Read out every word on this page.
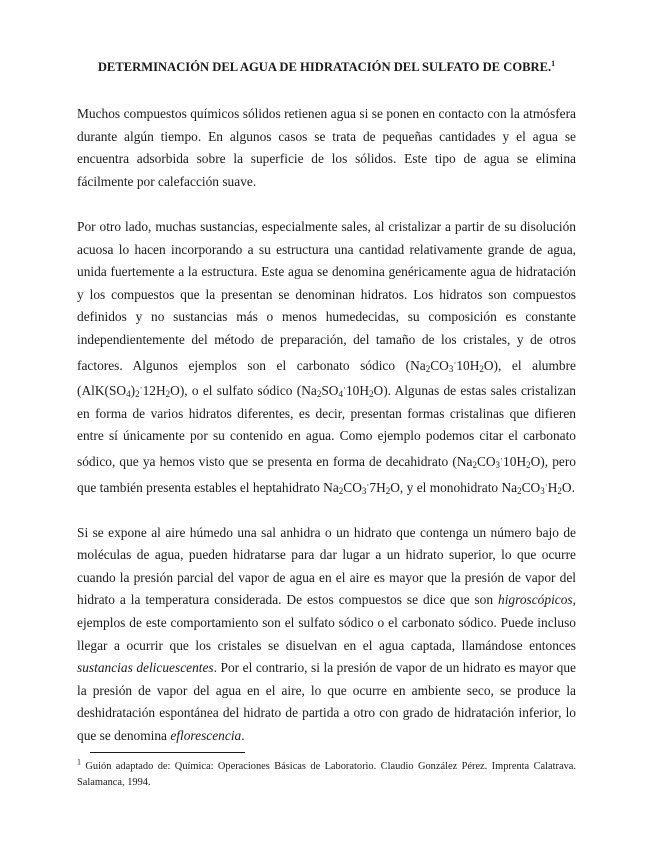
DETERMINACIÓN DEL AGUA DE HIDRATACIÓN DEL SULFATO DE COBRE.$^1$

Muchos compuestos químicos sólidos retienen agua si se ponen en contacto con la atmósfera durante algún tiempo. En algunos casos se trata de pequeñas cantidades y el agua se encuentra adsorbida sobre la superficie de los sólidos. Este tipo de agua se elimina fácilmente por calefacción suave.

Por otro lado, muchas sustancias, especialmente sales, al cristalizar a partir de su disolución acuosa lo hacen incorporando a su estructura una cantidad relativamente grande de agua, unida fuertemente a la estructura. Este agua se denomina genéricamente agua de hidratación y los compuestos que la presentan se denominan hidratos. Los hidratos son compuestos definidos y no sustancias más o menos humedecidas, su composición es constante independientemente del método de preparación, del tamaño de los cristales, y de otros factores. Algunos ejemplos son el carbonato sódico $(Na_2CO_3^\cdot 10H_2O)$, el alumbre $(AlK(SO_4)_2^\cdot 12H_2O)$, o el sulfato sódico $(Na_2SO_4^\cdot 10H_2O)$. Algunas de estas sales cristalizan en forma de varios hidratos diferentes, es decir, presentan formas cristalinas que difieren entre sí únicamente por su contenido en agua. Como ejemplo podemos citar el carbonato sódico, que ya hemos visto que se presenta en forma de decahidrato $(Na_2CO_3^\cdot 10H_2O)$, pero que también presenta estables el heptahidrato $Na_2CO_3^\cdot 7H_2O$, y el monohidrato $Na_2CO_3^\cdot H_2O$.

Si se expone al aire húmedo una sal anhidra o un hidrato que contenga un número bajo de moléculas de agua, pueden hidratarse para dar lugar a un hidrato superior, lo que ocurre cuando la presión parcial del vapor de agua en el aire es mayor que la presión de vapor del hidrato a la temperatura considerada. De estos compuestos se dice que son higroscópicos, ejemplos de este comportamiento son el sulfato sódico o el carbonato sódico. Puede incluso llegar a ocurrir que los cristales se disuelvan en el agua captada, llamándose entonces sustancias delicuescentes. Por el contrario, si la presión de vapor de un hidrato es mayor que la presión de vapor del agua en el aire, lo que ocurre en ambiente seco, se produce la deshidratación espontánea del hidrato de partida a otro con grado de hidratación inferior, lo que se denomina eflorescencia.

$^1$ Guión adaptado de: Química: Operaciones Básicas de Laboratorio. Claudio González Pérez. Imprenta Calatrava. Salamanca, 1994.
